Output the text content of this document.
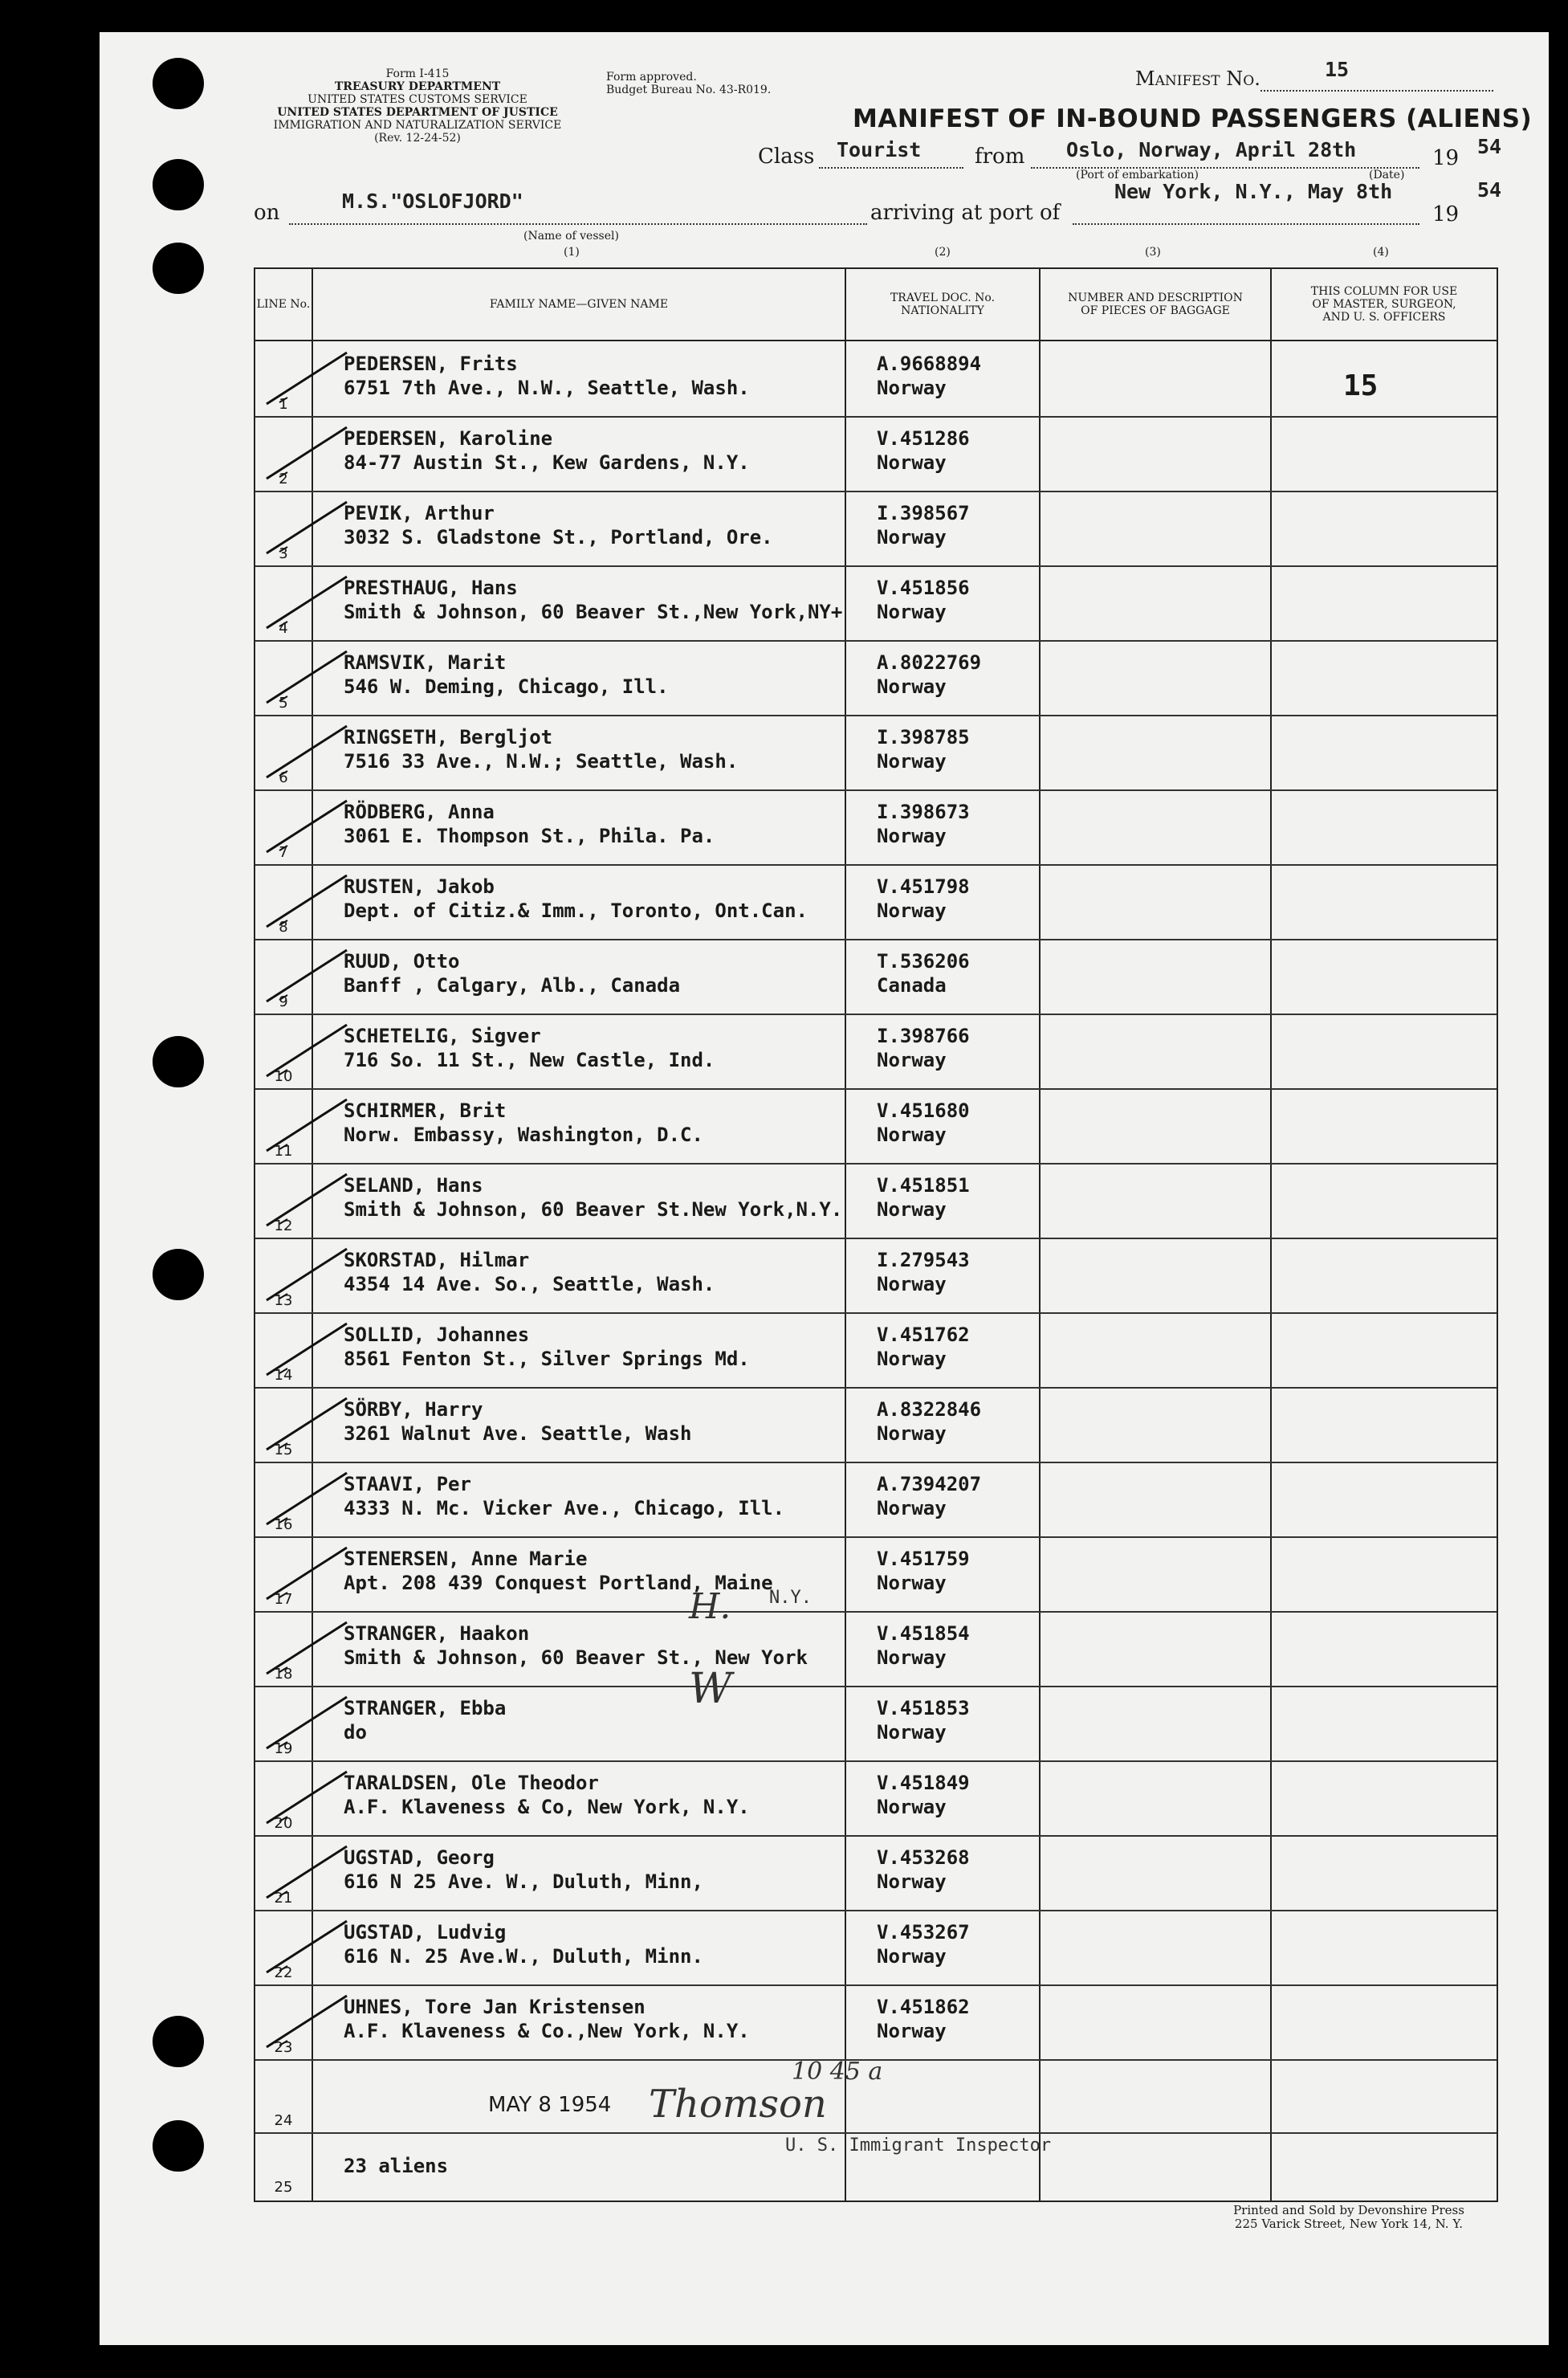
Form I-415
TREASURY DEPARTMENT
UNITED STATES CUSTOMS SERVICE
UNITED STATES DEPARTMENT OF JUSTICE
IMMIGRATION AND NATURALIZATION SERVICE
(Rev. 12-24-52)
Form approved.
Budget Bureau No. 43-R019.	Manifest No.	15
MANIFEST OF IN-BOUND PASSENGERS (ALIENS)
Class Tourist	from Oslo, Norway, April 28th	19 54
(Port of embarkation)	(Date)
on	M.S."OSLOFJORD"	arriving at port of
New York, N.Y., May 8th
19
54
(Name of vessel)
(1)	(2)	(3)	(4)
LINE No.	FAMILY NAME—GIVEN NAME	TRAVEL DOC. No. NATIONALITY
NUMBER AND DESCRIPTION OF PIECES OF BAGGAGE
THIS COLUMN FOR USE OF MASTER, SURGEON, AND U. S. OFFICERS
1
PEDERSEN, Frits
6751 7th Ave., N.W., Seattle, Wash.
A.9668894
Norway	15
2
PEDERSEN, Karoline
84-77 Austin St., Kew Gardens, N.Y.
V.451286
Norway
3
PEVIK, Arthur
3032 S. Gladstone St., Portland, Ore.
I.398567
Norway
4
PRESTHAUG, Hans
Smith & Johnson, 60 Beaver St.,New York,NY+
V.451856
Norway
5
RAMSVIK, Marit
546 W. Deming, Chicago, Ill.
A.8022769
Norway
6
RINGSETH, Bergljot
7516 33 Ave., N.W.; Seattle, Wash.
I.398785
Norway
7
RÖDBERG, Anna
3061 E. Thompson St., Phila. Pa.
I.398673
Norway
8
RUSTEN, Jakob
Dept. of Citiz.& Imm., Toronto, Ont.Can.
V.451798
Norway
9
RUUD, Otto
Banff , Calgary, Alb., Canada
T.536206
Canada
10
SCHETELIG, Sigver
716 So. 11 St., New Castle, Ind.
I.398766
Norway
11
SCHIRMER, Brit
Norw. Embassy, Washington, D.C.
V.451680
Norway
12
SELAND, Hans
Smith & Johnson, 60 Beaver St.New York,N.Y.
V.451851
Norway
13
SKORSTAD, Hilmar
4354 14 Ave. So., Seattle, Wash.
I.279543
Norway
14
SOLLID, Johannes
8561 Fenton St., Silver Springs Md.
V.451762
Norway
15
SÖRBY, Harry
3261 Walnut Ave. Seattle, Wash
A.8322846
Norway
16
STAAVI, Per
4333 N. Mc. Vicker Ave., Chicago, Ill.
A.7394207
Norway
17
STENERSEN, Anne Marie
Apt. 208 439 Conquest Portland, Maine
V.451759
Norway
18
STRANGER, Haakon
Smith & Johnson, 60 Beaver St., New York
V.451854
Norway
19
STRANGER, Ebba
do
V.451853
Norway
20
TARALDSEN, Ole Theodor
A.F. Klaveness & Co, New York, N.Y.
V.451849
Norway
21
UGSTAD, Georg
616 N 25 Ave. W., Duluth, Minn,
V.453268
Norway
22
UGSTAD, Ludvig
616 N. 25 Ave.W., Duluth, Minn.
V.453267
Norway
23
UHNES, Tore Jan Kristensen
A.F. Klaveness & Co.,New York, N.Y.
V.451862
Norway
24
MAY 8 1954 Thomson
10 45 a
25
23 aliens
U. S. Immigrant Inspector
H. N.Y.
W
Printed and Sold by Devonshire Press
225 Varick Street, New York 14, N. Y.
